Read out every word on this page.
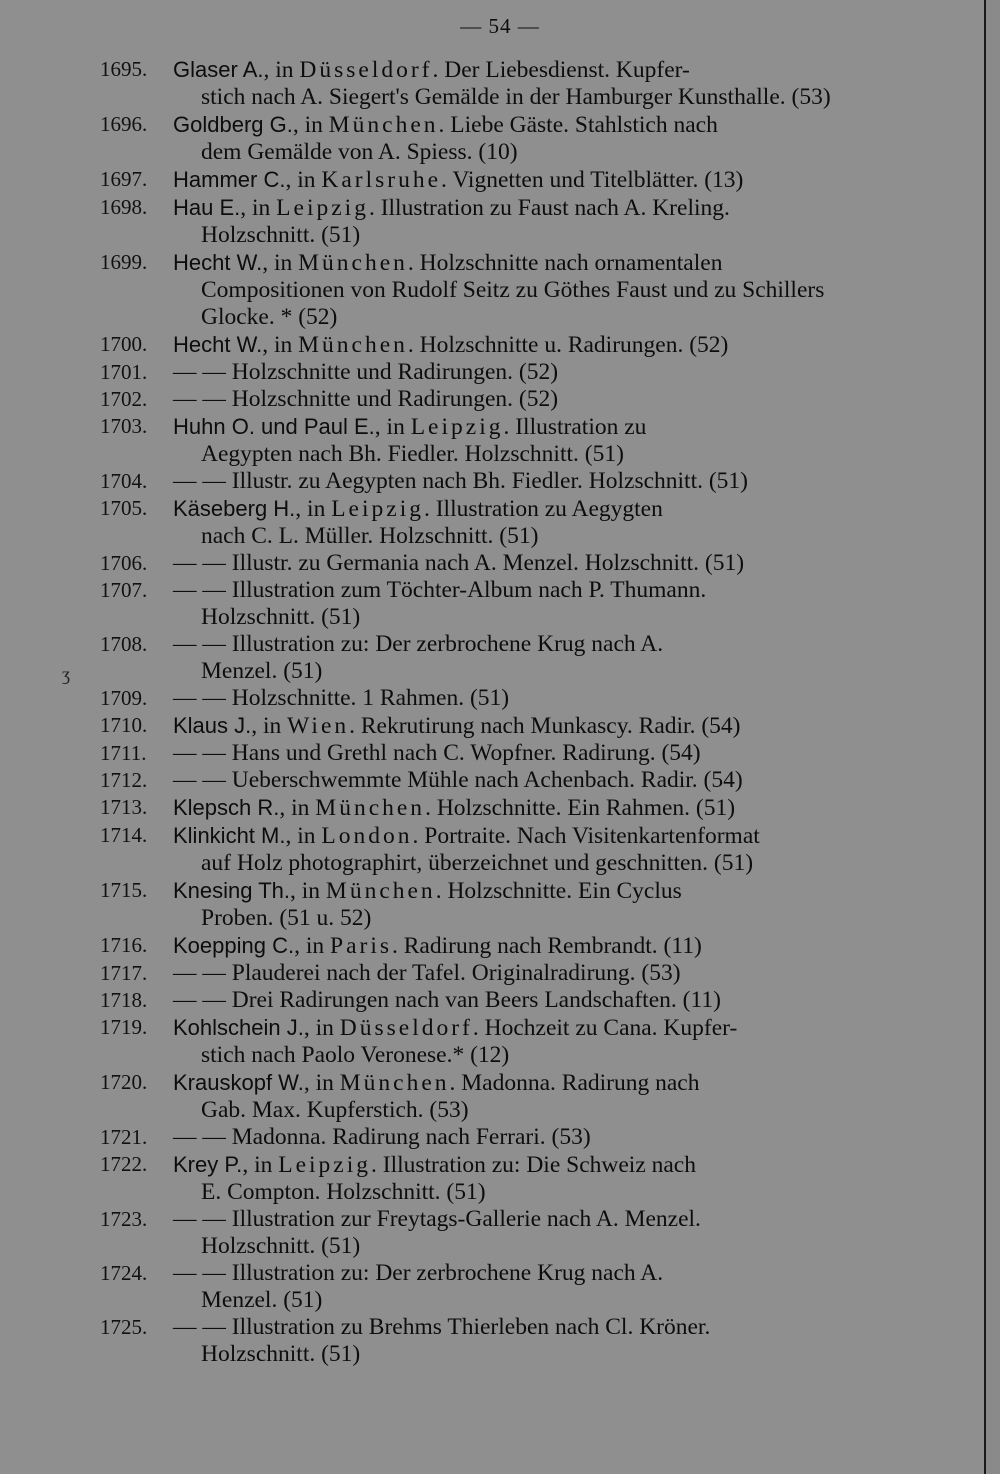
— 54 —
ʒ
1695.	Glaser A., in Düsseldorf. Der Liebesdienst. Kupfer-
stich nach A. Siegert's Gemälde in der Hamburger Kunsthalle. (53)
1696.	Goldberg G., in München. Liebe Gäste. Stahlstich nach
dem Gemälde von A. Spiess. (10)
1697.	Hammer C., in Karlsruhe. Vignetten und Titelblätter. (13)
1698.	Hau E., in Leipzig. Illustration zu Faust nach A. Kreling.
Holzschnitt. (51)
1699.	Hecht W., in München. Holzschnitte nach ornamentalen
Compositionen von Rudolf Seitz zu Göthes Faust und zu Schillers Glocke. * (52)
1700.	Hecht W., in München. Holzschnitte u. Radirungen. (52)
1701.	— — Holzschnitte und Radirungen. (52)
1702.	— — Holzschnitte und Radirungen. (52)
1703.	Huhn O. und Paul E., in Leipzig. Illustration zu
Aegypten nach Bh. Fiedler. Holzschnitt. (51)
1704.	— — Illustr. zu Aegypten nach Bh. Fiedler. Holzschnitt. (51)
1705.	Käseberg H., in Leipzig. Illustration zu Aegygten
nach C. L. Müller. Holzschnitt. (51)
1706.	— — Illustr. zu Germania nach A. Menzel. Holzschnitt. (51)
1707.	— — Illustration zum Töchter-Album nach P. Thumann.
Holzschnitt. (51)
1708.	— — Illustration zu: Der zerbrochene Krug nach A.
Menzel. (51)
1709.	— — Holzschnitte. 1 Rahmen. (51)
1710.	Klaus J., in Wien. Rekrutirung nach Munkascy. Radir. (54)
1711.	— — Hans und Grethl nach C. Wopfner. Radirung. (54)
1712.	— — Ueberschwemmte Mühle nach Achenbach. Radir. (54)
1713.	Klepsch R., in München. Holzschnitte. Ein Rahmen. (51)
1714.	Klinkicht M., in London. Portraite. Nach Visitenkartenformat
auf Holz photographirt, überzeichnet und geschnitten. (51)
1715.	Knesing Th., in München. Holzschnitte. Ein Cyclus
Proben. (51 u. 52)
1716.	Koepping C., in Paris. Radirung nach Rembrandt. (11)
1717.	— — Plauderei nach der Tafel. Originalradirung. (53)
1718.	— — Drei Radirungen nach van Beers Landschaften. (11)
1719.	Kohlschein J., in Düsseldorf. Hochzeit zu Cana. Kupfer-
stich nach Paolo Veronese.* (12)
1720.	Krauskopf W., in München. Madonna. Radirung nach
Gab. Max. Kupferstich. (53)
1721.	— — Madonna. Radirung nach Ferrari. (53)
1722.	Krey P., in Leipzig. Illustration zu: Die Schweiz nach
E. Compton. Holzschnitt. (51)
1723.	— — Illustration zur Freytags-Gallerie nach A. Menzel.
Holzschnitt. (51)
1724.	— — Illustration zu: Der zerbrochene Krug nach A.
Menzel. (51)
1725.	— — Illustration zu Brehms Thierleben nach Cl. Kröner.
Holzschnitt. (51)
